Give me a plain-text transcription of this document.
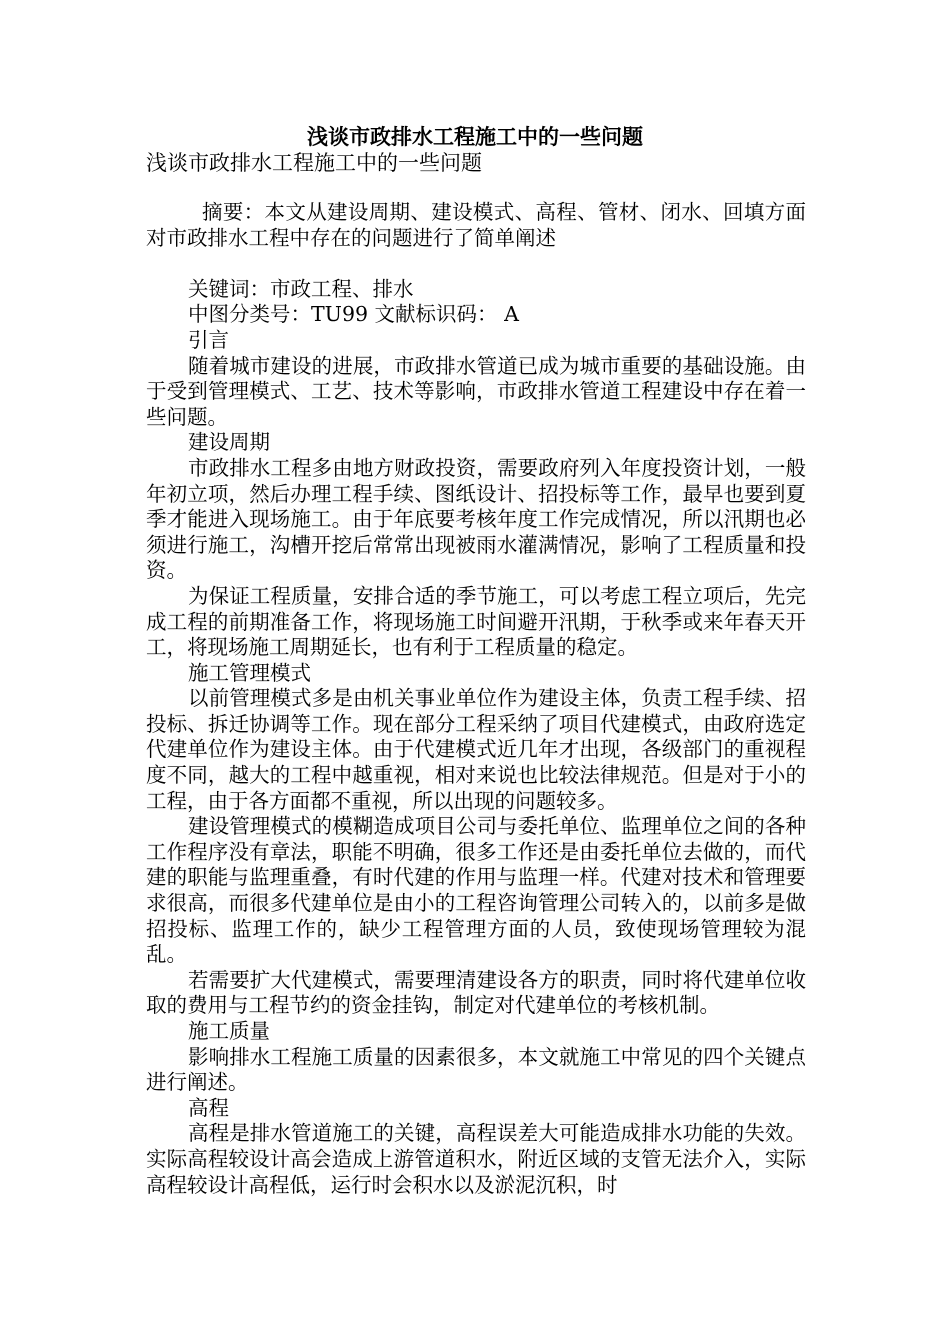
浅谈市政排水工程施工中的一些问题
浅谈市政排水工程施工中的一些问题

摘要：本文从建设周期、建设模式、高程、管材、闭水、回填方面对市政排水工程中存在的问题进行了简单阐述

关键词：市政工程、排水

中图分类号：TU99 文献标识码： A

引言

随着城市建设的进展，市政排水管道已成为城市重要的基础设施。由于受到管理模式、工艺、技术等影响，市政排水管道工程建设中存在着一些问题。

建设周期

市政排水工程多由地方财政投资，需要政府列入年度投资计划，一般年初立项，然后办理工程手续、图纸设计、招投标等工作，最早也要到夏季才能进入现场施工。由于年底要考核年度工作完成情况，所以汛期也必须进行施工，沟槽开挖后常常出现被雨水灌满情况，影响了工程质量和投资。

为保证工程质量，安排合适的季节施工，可以考虑工程立项后，先完成工程的前期准备工作，将现场施工时间避开汛期，于秋季或来年春天开工，将现场施工周期延长，也有利于工程质量的稳定。

施工管理模式

以前管理模式多是由机关事业单位作为建设主体，负责工程手续、招投标、拆迁协调等工作。现在部分工程采纳了项目代建模式，由政府选定代建单位作为建设主体。由于代建模式近几年才出现，各级部门的重视程度不同，越大的工程中越重视，相对来说也比较法律规范。但是对于小的工程，由于各方面都不重视，所以出现的问题较多。

建设管理模式的模糊造成项目公司与委托单位、监理单位之间的各种工作程序没有章法，职能不明确，很多工作还是由委托单位去做的，而代建的职能与监理重叠，有时代建的作用与监理一样。代建对技术和管理要求很高，而很多代建单位是由小的工程咨询管理公司转入的，以前多是做招投标、监理工作的，缺少工程管理方面的人员，致使现场管理较为混乱。

若需要扩大代建模式，需要理清建设各方的职责，同时将代建单位收取的费用与工程节约的资金挂钩，制定对代建单位的考核机制。

施工质量

影响排水工程施工质量的因素很多，本文就施工中常见的四个关键点进行阐述。

高程

高程是排水管道施工的关键，高程误差大可能造成排水功能的失效。实际高程较设计高会造成上游管道积水，附近区域的支管无法介入，实际高程较设计高程低，运行时会积水以及淤泥沉积，时
